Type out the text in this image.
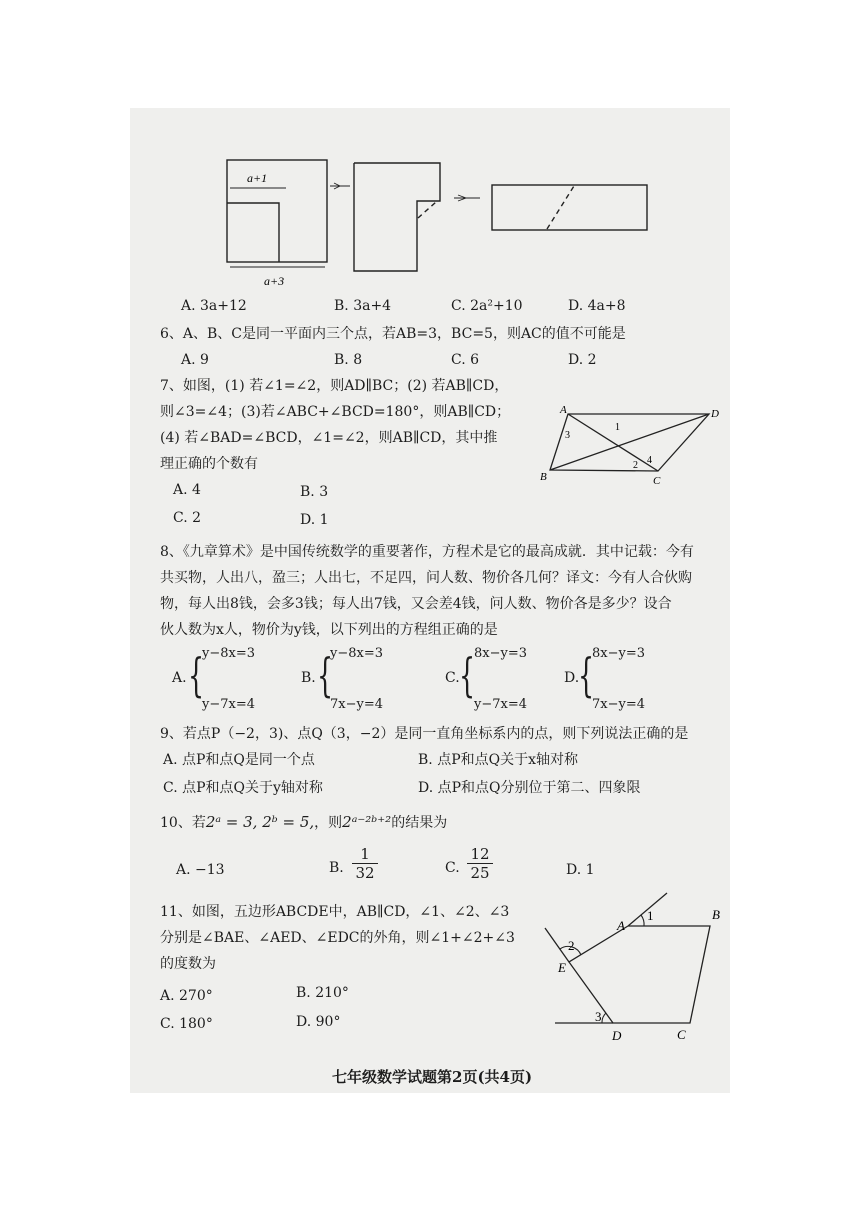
a+1
a+3
A. 3a+12	B. 3a+4	C. 2a²+10	D. 4a+8
6、A、B、C是同一平面内三个点，若AB=3，BC=5，则AC的值不可能是
A. 9	B. 8	C. 6	D. 2
7、如图，(1) 若∠1=∠2，则AD∥BC；(2) 若AB∥CD，
则∠3=∠4；(3)若∠ABC+∠BCD=180°，则AB∥CD；
(4) 若∠BAD=∠BCD，∠1=∠2，则AB∥CD，其中推
理正确的个数有
A. 4	B. 3
C. 2	D. 1
A	D
B	C
1
3
2 4
8、《九章算术》是中国传统数学的重要著作，方程术是它的最高成就．其中记载：今有
共买物，人出八，盈三；人出七，不足四，问人数、物价各几何？译文：今有人合伙购
物，每人出8钱，会多3钱；每人出7钱，又会差4钱，问人数、物价各是多少？设合
伙人数为x人，物价为y钱，以下列出的方程组正确的是
A. {
y−8x=3
y−7x=4
B. {
y−8x=3
7x−y=4
C. {
8x−y=3
y−7x=4
D.
{
8x−y=3
7x−y=4
9、若点P（−2，3)、点Q（3，−2）是同一直角坐标系内的点，则下列说法正确的是
A. 点P和点Q是同一个点	B. 点P和点Q关于x轴对称
C. 点P和点Q关于y轴对称	D. 点P和点Q分别位于第二、四象限
10、若2ᵃ = 3, 2ᵇ = 5,，则2ᵃ⁻²ᵇ⁺²的结果为
A. −13	B. $\frac{1}{32}$	C. $\frac{12}{25}$	D. 1
11、如图，五边形ABCDE中，AB∥CD，∠1、∠2、∠3
分别是∠BAE、∠AED、∠EDC的外角，则∠1+∠2+∠3
的度数为
A. 270°	B. 210°
C. 180°	D. 90°
A
B
C
D
E
1
2
3
七年级数学试题第2页(共4页)
